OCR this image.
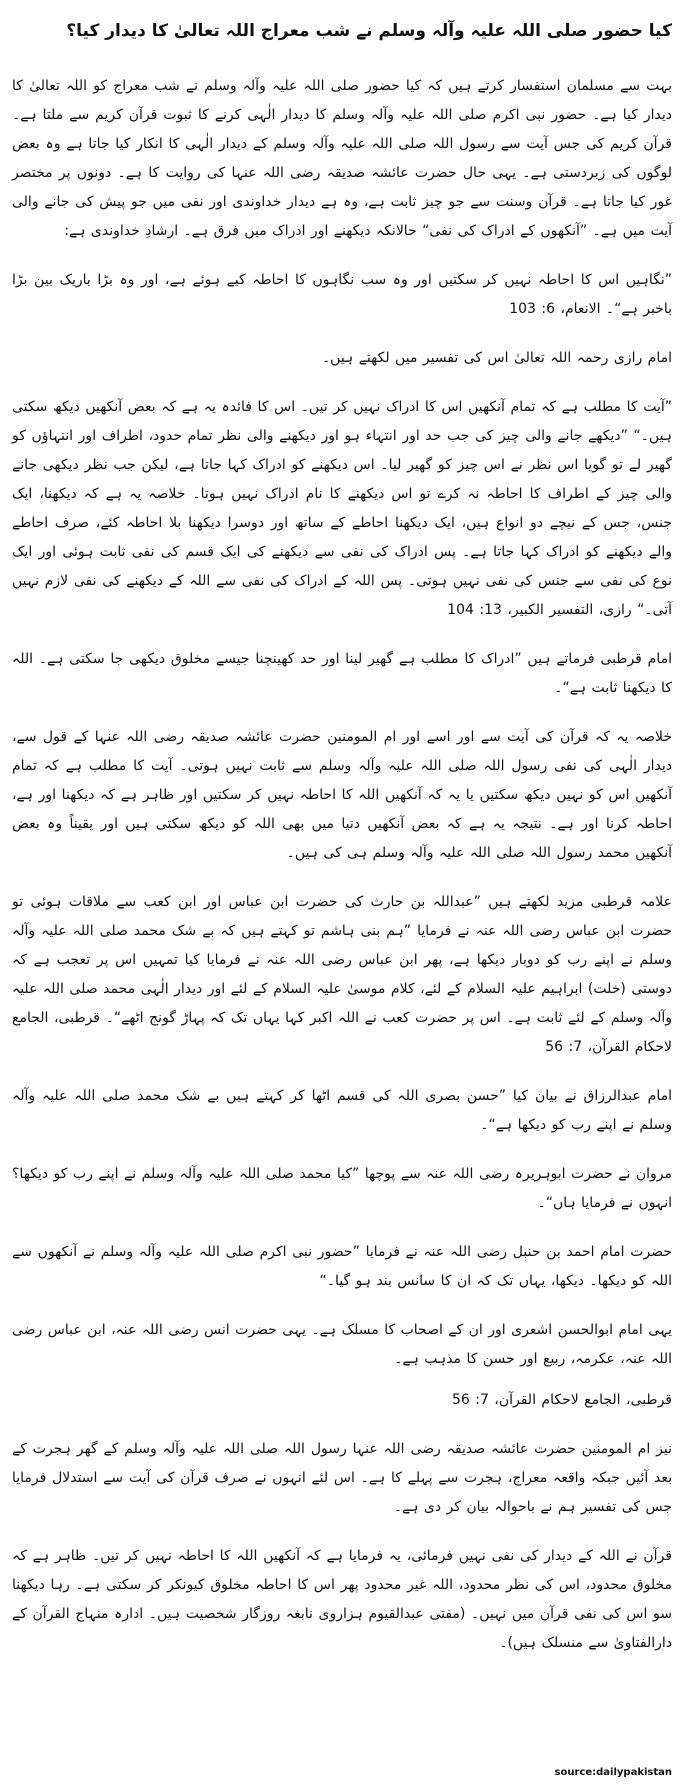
کیا حضور صلی اللہ علیہ وآلہ وسلم نے شب معراج اللہ تعالیٰ کا دیدار کیا؟

بہت سے مسلمان استفسار کرتے ہیں کہ کیا حضور صلی اللہ علیہ وآلہ وسلم نے شب معراج کو اللہ تعالیٰ کا دیدار کیا ہے۔ حضور نبی اکرم صلی اللہ علیہ وآلہ وسلم کا دیدار الٰہی کرنے کا ثبوت قرآن کریم سے ملتا ہے۔ قرآن کریم کی جس آیت سے رسول اللہ صلی اللہ علیہ وآلہ وسلم کے دیدار الٰہی کا انکار کیا جاتا ہے وہ بعض لوگوں کی زبردستی ہے۔ یہی حال حضرت عائشہ صدیقہ رضی اللہ عنہا کی روایت کا ہے۔ دونوں پر مختصر غور کیا جاتا ہے۔ قرآن وسنت سے جو چیز ثابت ہے، وہ ہے دیدار خداوندی اور نفی میں جو پیش کی جانے والی آیت میں ہے۔ ”آنکھوں کے ادراک کی نفی“ حالانکہ دیکھنے اور ادراک میں فرق ہے۔ ارشادِ خداوندی ہے:

”نگاہیں اس کا احاطہ نہیں کر سکتیں اور وہ سب نگاہوں کا احاطہ کیے ہوئے ہے، اور وہ بڑا باریک بین بڑا باخبر ہے“۔ الانعام، 6: 103

امام رازی رحمہ اللہ تعالیٰ اس کی تفسیر میں لکھتے ہیں۔

”آیت کا مطلب ہے کہ تمام آنکھیں اس کا ادراک نہیں کر تیں۔ اس کا فائدہ یہ ہے کہ بعض آنکھیں دیکھ سکتی ہیں۔“ ”دیکھے جانے والی چیز کی جب حد اور انتہاء ہو اور دیکھنے والی نظر تمام حدود، اطراف اور انتہاؤں کو گھیر لے تو گویا اس نظر نے اس چیز کو گھیر لیا۔ اس دیکھنے کو ادراک کہا جاتا ہے، لیکن جب نظر دیکھی جانے والی چیز کے اطراف کا احاطہ نہ کرے تو اس دیکھنے کا نام ادراک نہیں ہوتا۔ خلاصہ یہ ہے کہ دیکھنا، ایک جنس، جس کے نیچے دو انواع ہیں، ایک دیکھنا احاطے کے ساتھ اور دوسرا دیکھنا بلا احاطہ کئے، صرف احاطے والے دیکھنے کو ادراک کہا جاتا ہے۔ پس ادراک کی نفی سے دیکھنے کی ایک قسم کی نفی ثابت ہوئی اور ایک نوع کی نفی سے جنس کی نفی نہیں ہوتی۔ پس اللہ کے ادراک کی نفی سے اللہ کے دیکھنے کی نفی لازم نہیں آتی۔“ رازی، التفسیر الکبیر، 13: 104

امام قرطبی فرماتے ہیں ”ادراک کا مطلب ہے گھیر لینا اور حد کھینچنا جیسے مخلوق دیکھی جا سکتی ہے۔ اللہ کا دیکھنا ثابت ہے“۔

خلاصہ یہ کہ قرآن کی آیت سے اور اسے اور ام المومنین حضرت عائشہ صدیقہ رضی اللہ عنہا کے قول سے، دیدار الٰہی کی نفی رسول اللہ صلی اللہ علیہ وآلہ وسلم سے ثابت نہیں ہوتی۔ آیت کا مطلب ہے کہ تمام آنکھیں اس کو نہیں دیکھ سکتیں یا یہ کہ آنکھیں اللہ کا احاطہ نہیں کر سکتیں اور ظاہر ہے کہ دیکھنا اور ہے، احاطہ کرنا اور ہے۔ نتیجہ یہ ہے کہ بعض آنکھیں دنیا میں بھی اللہ کو دیکھ سکتی ہیں اور یقیناً وہ بعض آنکھیں محمد رسول اللہ صلی اللہ علیہ وآلہ وسلم ہی کی ہیں۔

علامہ قرطبی مزید لکھتے ہیں ”عبداللہ بن حارث کی حضرت ابن عباس اور ابن کعب سے ملاقات ہوئی تو حضرت ابن عباس رضی اللہ عنہ نے فرمایا ”ہم بنی ہاشم تو کہتے ہیں کہ بے شک محمد صلی اللہ علیہ وآلہ وسلم نے اپنے رب کو دوبار دیکھا ہے، پھر ابن عباس رضی اللہ عنہ نے فرمایا کیا تمہیں اس پر تعجب ہے کہ دوستی (خلت) ابراہیم علیہ السلام کے لئے، کلام موسیٰ علیہ السلام کے لئے اور دیدار الٰہی محمد صلی اللہ علیہ وآلہ وسلم کے لئے ثابت ہے۔ اس پر حضرت کعب نے اللہ اکبر کہا یہاں تک کہ پہاڑ گونج اٹھے“۔ قرطبی، الجامع لاحکام القرآن، 7: 56

امام عبدالرزاق نے بیان کیا ”حسن بصری اللہ کی قسم اٹھا کر کہتے ہیں بے شک محمد صلی اللہ علیہ وآلہ وسلم نے اپنے رب کو دیکھا ہے“۔

مروان نے حضرت ابوہریرہ رضی اللہ عنہ سے پوچھا ”کیا محمد صلی اللہ علیہ وآلہ وسلم نے اپنے رب کو دیکھا؟ انہوں نے فرمایا ہاں“۔

حضرت امام احمد بن حنبل رضی اللہ عنہ نے فرمایا ”حضور نبی اکرم صلی اللہ علیہ وآلہ وسلم نے آنکھوں سے اللہ کو دیکھا۔ دیکھا، یہاں تک کہ ان کا سانس بند ہو گیا۔“

یہی امام ابوالحسن اشعری اور ان کے اصحاب کا مسلک ہے۔ یہی حضرت انس رضی اللہ عنہ، ابن عباس رضی اللہ عنہ، عکرمہ، ربیع اور حسن کا مذہب ہے۔

قرطبی، الجامع لاحکام القرآن، 7: 56

نیز ام المومنین حضرت عائشہ صدیقہ رضی اللہ عنہا رسول اللہ صلی اللہ علیہ وآلہ وسلم کے گھر ہجرت کے بعد آئیں جبکہ واقعہ معراج، ہجرت سے پہلے کا ہے۔ اس لئے انہوں نے صرف قرآن کی آیت سے استدلال فرمایا جس کی تفسیر ہم نے باحوالہ بیان کر دی ہے۔

قرآن نے اللہ کے دیدار کی نفی نہیں فرمائی، یہ فرمایا ہے کہ آنکھیں اللہ کا احاطہ نہیں کر تیں۔ ظاہر ہے کہ مخلوق محدود، اس کی نظر محدود، اللہ غیر محدود پھر اس کا احاطہ مخلوق کیونکر کر سکتی ہے۔ رہا دیکھنا سو اس کی نفی قرآن میں نہیں۔ (مفتی عبدالقیوم ہزاروی نابغہ روزگار شخصیت ہیں۔ ادارہ منہاج القرآن کے دارالفتاویٰ سے منسلک ہیں)۔

source:dailypakistan
